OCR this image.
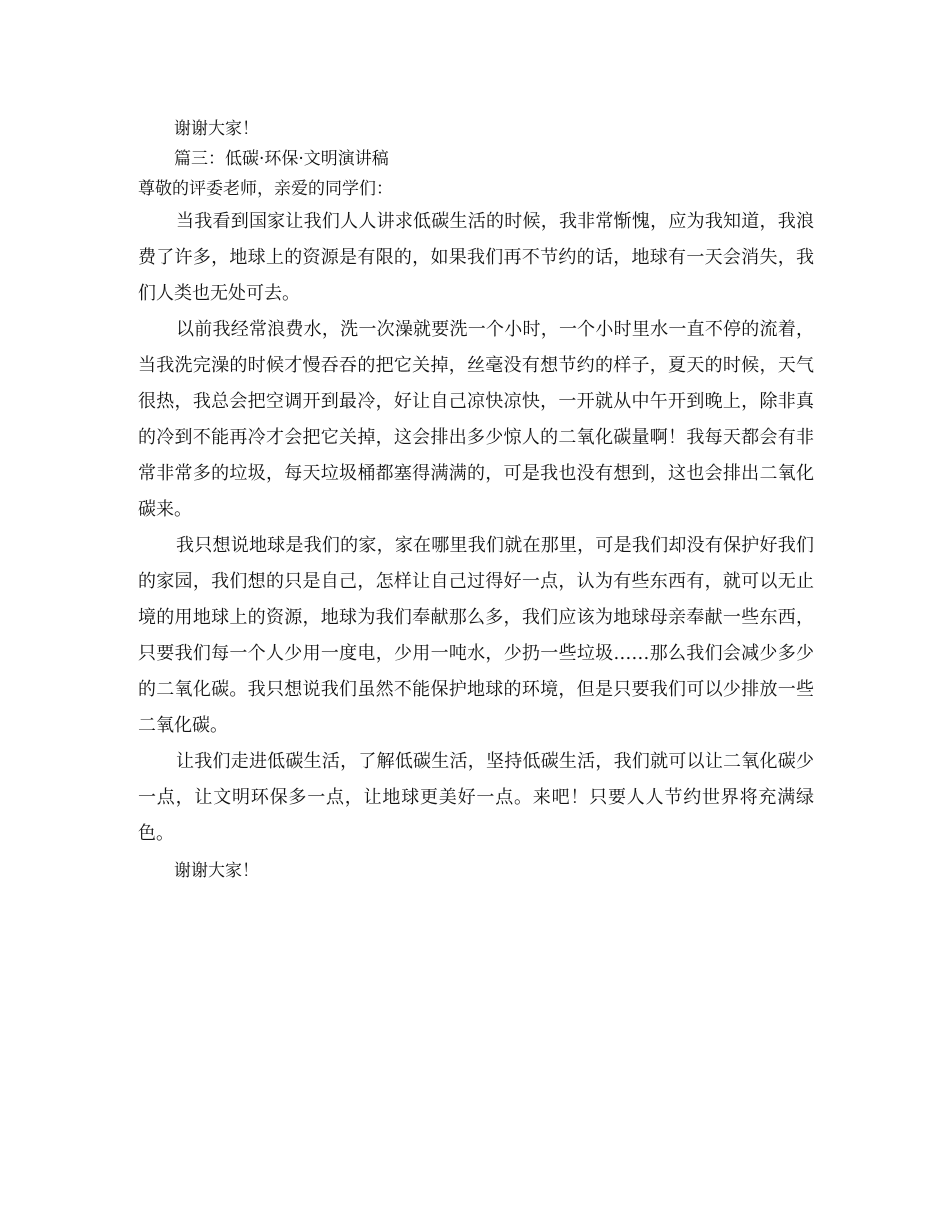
谢谢大家！

篇三：低碳·环保·文明演讲稿

尊敬的评委老师，亲爱的同学们：

当我看到国家让我们人人讲求低碳生活的时候，我非常惭愧，应为我知道，我浪费了许多，地球上的资源是有限的，如果我们再不节约的话，地球有一天会消失，我们人类也无处可去。

以前我经常浪费水，洗一次澡就要洗一个小时，一个小时里水一直不停的流着，当我洗完澡的时候才慢吞吞的把它关掉，丝毫没有想节约的样子，夏天的时候，天气很热，我总会把空调开到最冷，好让自己凉快凉快，一开就从中午开到晚上，除非真的冷到不能再冷才会把它关掉，这会排出多少惊人的二氧化碳量啊！我每天都会有非常非常多的垃圾，每天垃圾桶都塞得满满的，可是我也没有想到，这也会排出二氧化碳来。

我只想说地球是我们的家，家在哪里我们就在那里，可是我们却没有保护好我们的家园，我们想的只是自己，怎样让自己过得好一点，认为有些东西有，就可以无止境的用地球上的资源，地球为我们奉献那么多，我们应该为地球母亲奉献一些东西，只要我们每一个人少用一度电，少用一吨水，少扔一些垃圾……那么我们会减少多少的二氧化碳。我只想说我们虽然不能保护地球的环境，但是只要我们可以少排放一些二氧化碳。

让我们走进低碳生活，了解低碳生活，坚持低碳生活，我们就可以让二氧化碳少一点，让文明环保多一点，让地球更美好一点。来吧！只要人人节约世界将充满绿色。

谢谢大家！
